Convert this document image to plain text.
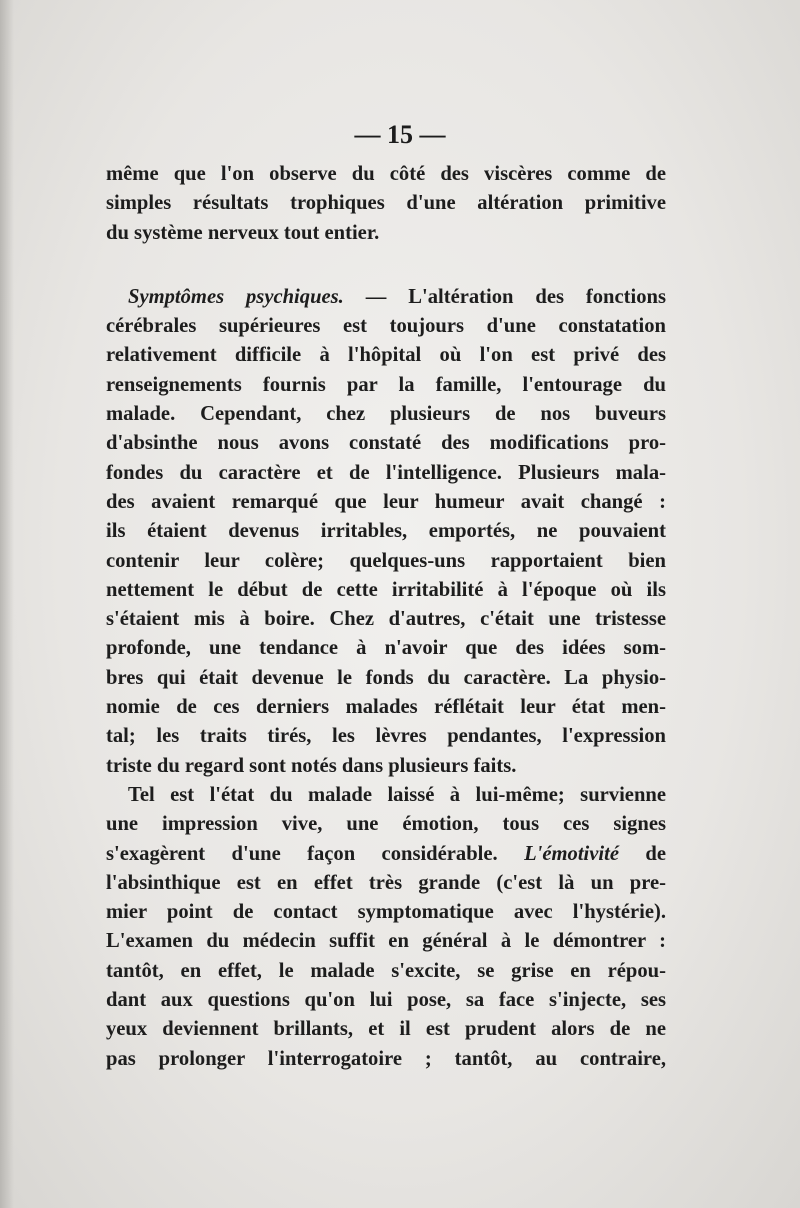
— 15 —

même que l'on observe du côté des viscères comme de

simples résultats trophiques d'une altération primitive

du système nerveux tout entier.

Symptômes psychiques. — L'altération des fonctions

cérébrales supérieures est toujours d'une constatation

relativement difficile à l'hôpital où l'on est privé des

renseignements fournis par la famille, l'entourage du

malade. Cependant, chez plusieurs de nos buveurs

d'absinthe nous avons constaté des modifications pro-

fondes du caractère et de l'intelligence. Plusieurs mala-

des avaient remarqué que leur humeur avait changé :

ils étaient devenus irritables, emportés, ne pouvaient

contenir leur colère; quelques-uns rapportaient bien

nettement le début de cette irritabilité à l'époque où ils

s'étaient mis à boire. Chez d'autres, c'était une tristesse

profonde, une tendance à n'avoir que des idées som-

bres qui était devenue le fonds du caractère. La physio-

nomie de ces derniers malades réflétait leur état men-

tal; les traits tirés, les lèvres pendantes, l'expression

triste du regard sont notés dans plusieurs faits.

Tel est l'état du malade laissé à lui-même; survienne

une impression vive, une émotion, tous ces signes

s'exagèrent d'une façon considérable. L'émotivité de

l'absinthique est en effet très grande (c'est là un pre-

mier point de contact symptomatique avec l'hystérie).

L'examen du médecin suffit en général à le démontrer :

tantôt, en effet, le malade s'excite, se grise en répou-

dant aux questions qu'on lui pose, sa face s'injecte, ses

yeux deviennent brillants, et il est prudent alors de ne

pas prolonger l'interrogatoire ; tantôt, au contraire,
